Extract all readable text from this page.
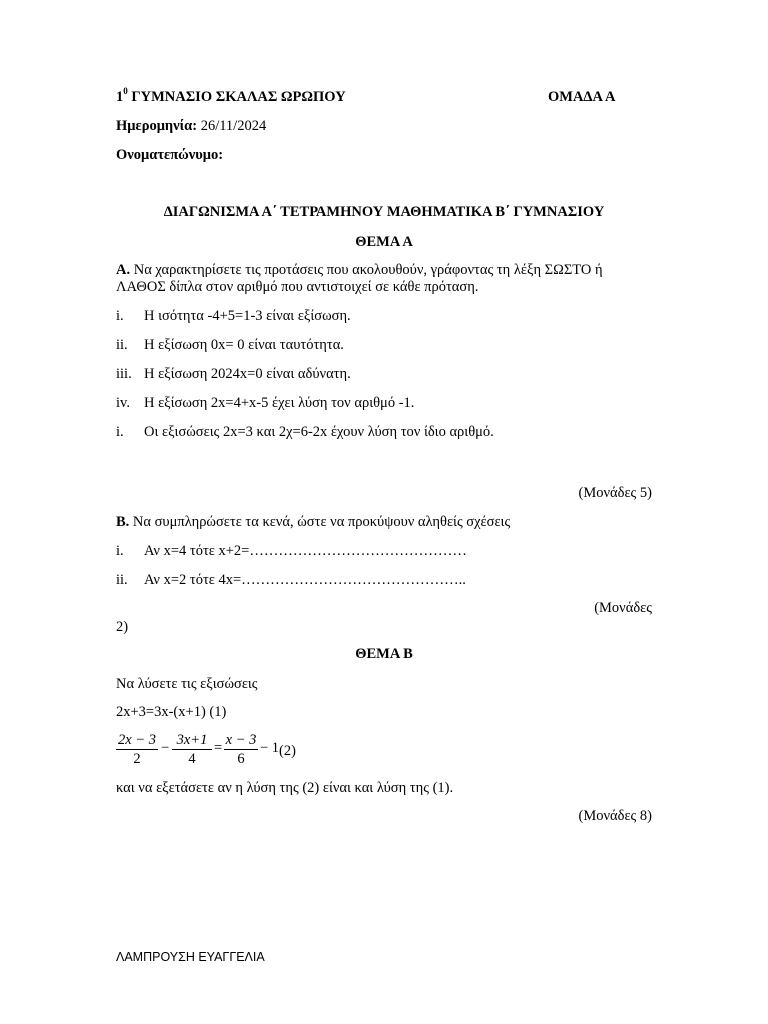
$1^0$ ΓΥΜΝΑΣΙΟ ΣΚΑΛΑΣ ΩΡΩΠΟΥ	ΟΜΑΔΑ Α
Ημερομηνία: 26/11/2024
Ονοματεπώνυμο:
ΔΙΑΓΩΝΙΣΜΑ Α΄ ΤΕΤΡΑΜΗΝΟΥ ΜΑΘΗΜΑΤΙΚΑ Β΄ ΓΥΜΝΑΣΙΟΥ
ΘΕΜΑ Α
Α. Να χαρακτηρίσετε τις προτάσεις που ακολουθούν, γράφοντας τη λέξη ΣΩΣΤΟ ή
ΛΑΘΟΣ δίπλα στον αριθμό που αντιστοιχεί σε κάθε πρόταση.
i. Η ισότητα -4+5=1-3 είναι εξίσωση.
ii. Η εξίσωση 0x= 0 είναι ταυτότητα.
iii. Η εξίσωση 2024x=0 είναι αδύνατη.
iv. Η εξίσωση 2x=4+x-5 έχει λύση τον αριθμό -1.
i. Οι εξισώσεις 2x=3 και 2χ=6-2x έχουν λύση τον ίδιο αριθμό.
(Μονάδες 5)
Β. Να συμπληρώσετε τα κενά, ώστε να προκύψουν αληθείς σχέσεις
i. Αν x=4 τότε x+2=………………………………………
ii. Αν x=2 τότε 4x=………………………………………..
(Μονάδες
2)
ΘΕΜΑ Β
Να λύσετε τις εξισώσεις
2x+3=3x-(x+1) (1)
2x − 3
2
− 3x+1
4
= x − 3
6
− 1 (2)
και να εξετάσετε αν η λύση της (2) είναι και λύση της (1).
(Μονάδες 8)
ΛΑΜΠΡΟΥΣΗ ΕΥΑΓΓΕΛΙΑ
